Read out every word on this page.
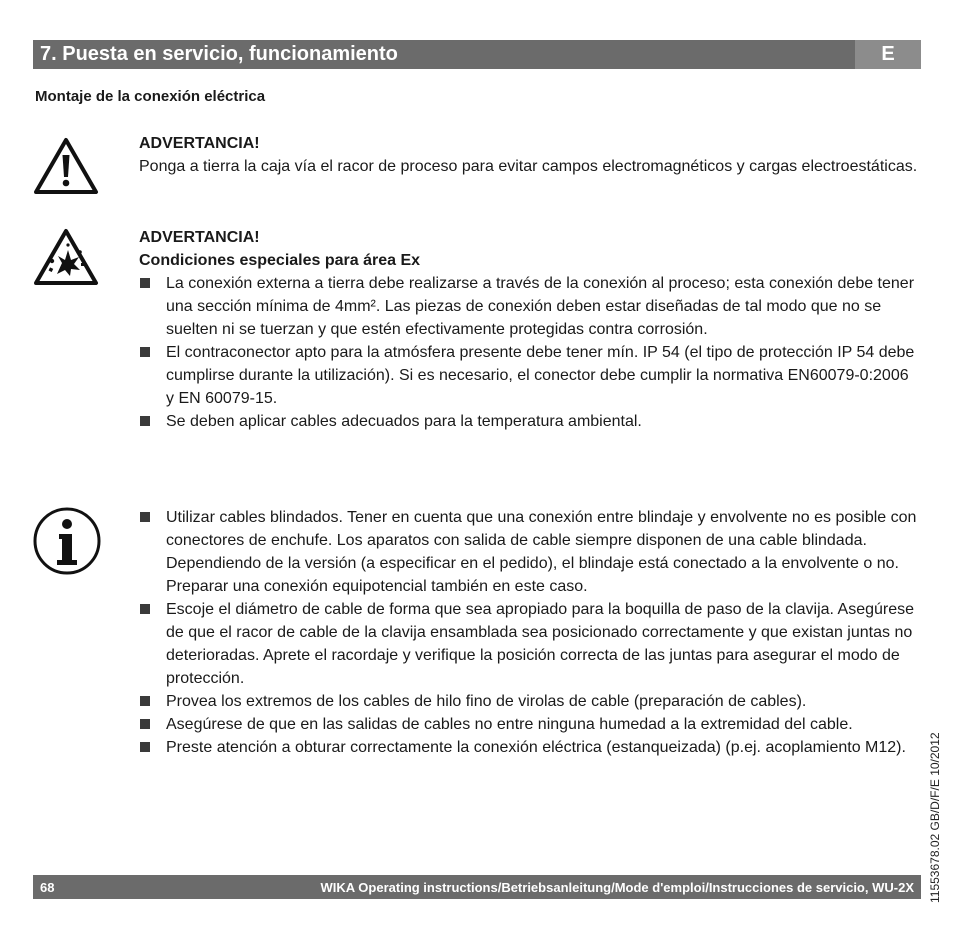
7. Puesta en servicio, funcionamiento	E
Montaje de la conexión eléctrica
ADVERTANCIA!
Ponga a tierra la caja vía el racor de proceso para evitar campos electromagnéticos y cargas electroestáticas.
ADVERTANCIA!
Condiciones especiales para área Ex
La conexión externa a tierra debe realizarse a través de la conexión al proceso; esta conexión debe tener una sección mínima de 4mm². Las piezas de conexión deben estar diseñadas de tal modo que no se suelten ni se tuerzan y que estén efectivamente protegidas contra corrosión.
El contraconector apto para la atmósfera presente debe tener mín. IP 54 (el tipo de protección IP 54 debe cumplirse durante la utilización). Si es necesario, el conector debe cumplir la normativa EN60079-0:2006 y EN 60079-15.
Se deben aplicar cables adecuados para la temperatura ambiental.
Utilizar cables blindados. Tener en cuenta que una conexión entre blindaje y envolvente no es posible con conectores de enchufe. Los aparatos con salida de cable siempre disponen de una cable blindada. Dependiendo de la versión (a especificar en el pedido), el blindaje está conectado a la envolvente o no. Preparar una conexión equipotencial también en este caso.
Escoje el diámetro de cable de forma que sea apropiado para la boquilla de paso de la clavija. Asegúrese de que el racor de cable de la clavija ensamblada sea posicionado correctamente y que existan juntas no deterioradas. Apretе el racordaje y verifique la posición correcta de las juntas para asegurar el modo de protección.
Provea los extremos de los cables de hilo fino de virolas de cable (preparación de cables).
Asegúrese de que en las salidas de cables no entre ninguna humedad a la extremidad del cable.
Preste atención a obturar correctamente la conexión eléctrica (estanqueizada) (p.ej. acoplamiento M12).
68	WIKA Operating instructions/Betriebsanleitung/Mode d'emploi/Instrucciones de servicio, WU-2X 11553678.02 GB/D/F/E 10/2012
